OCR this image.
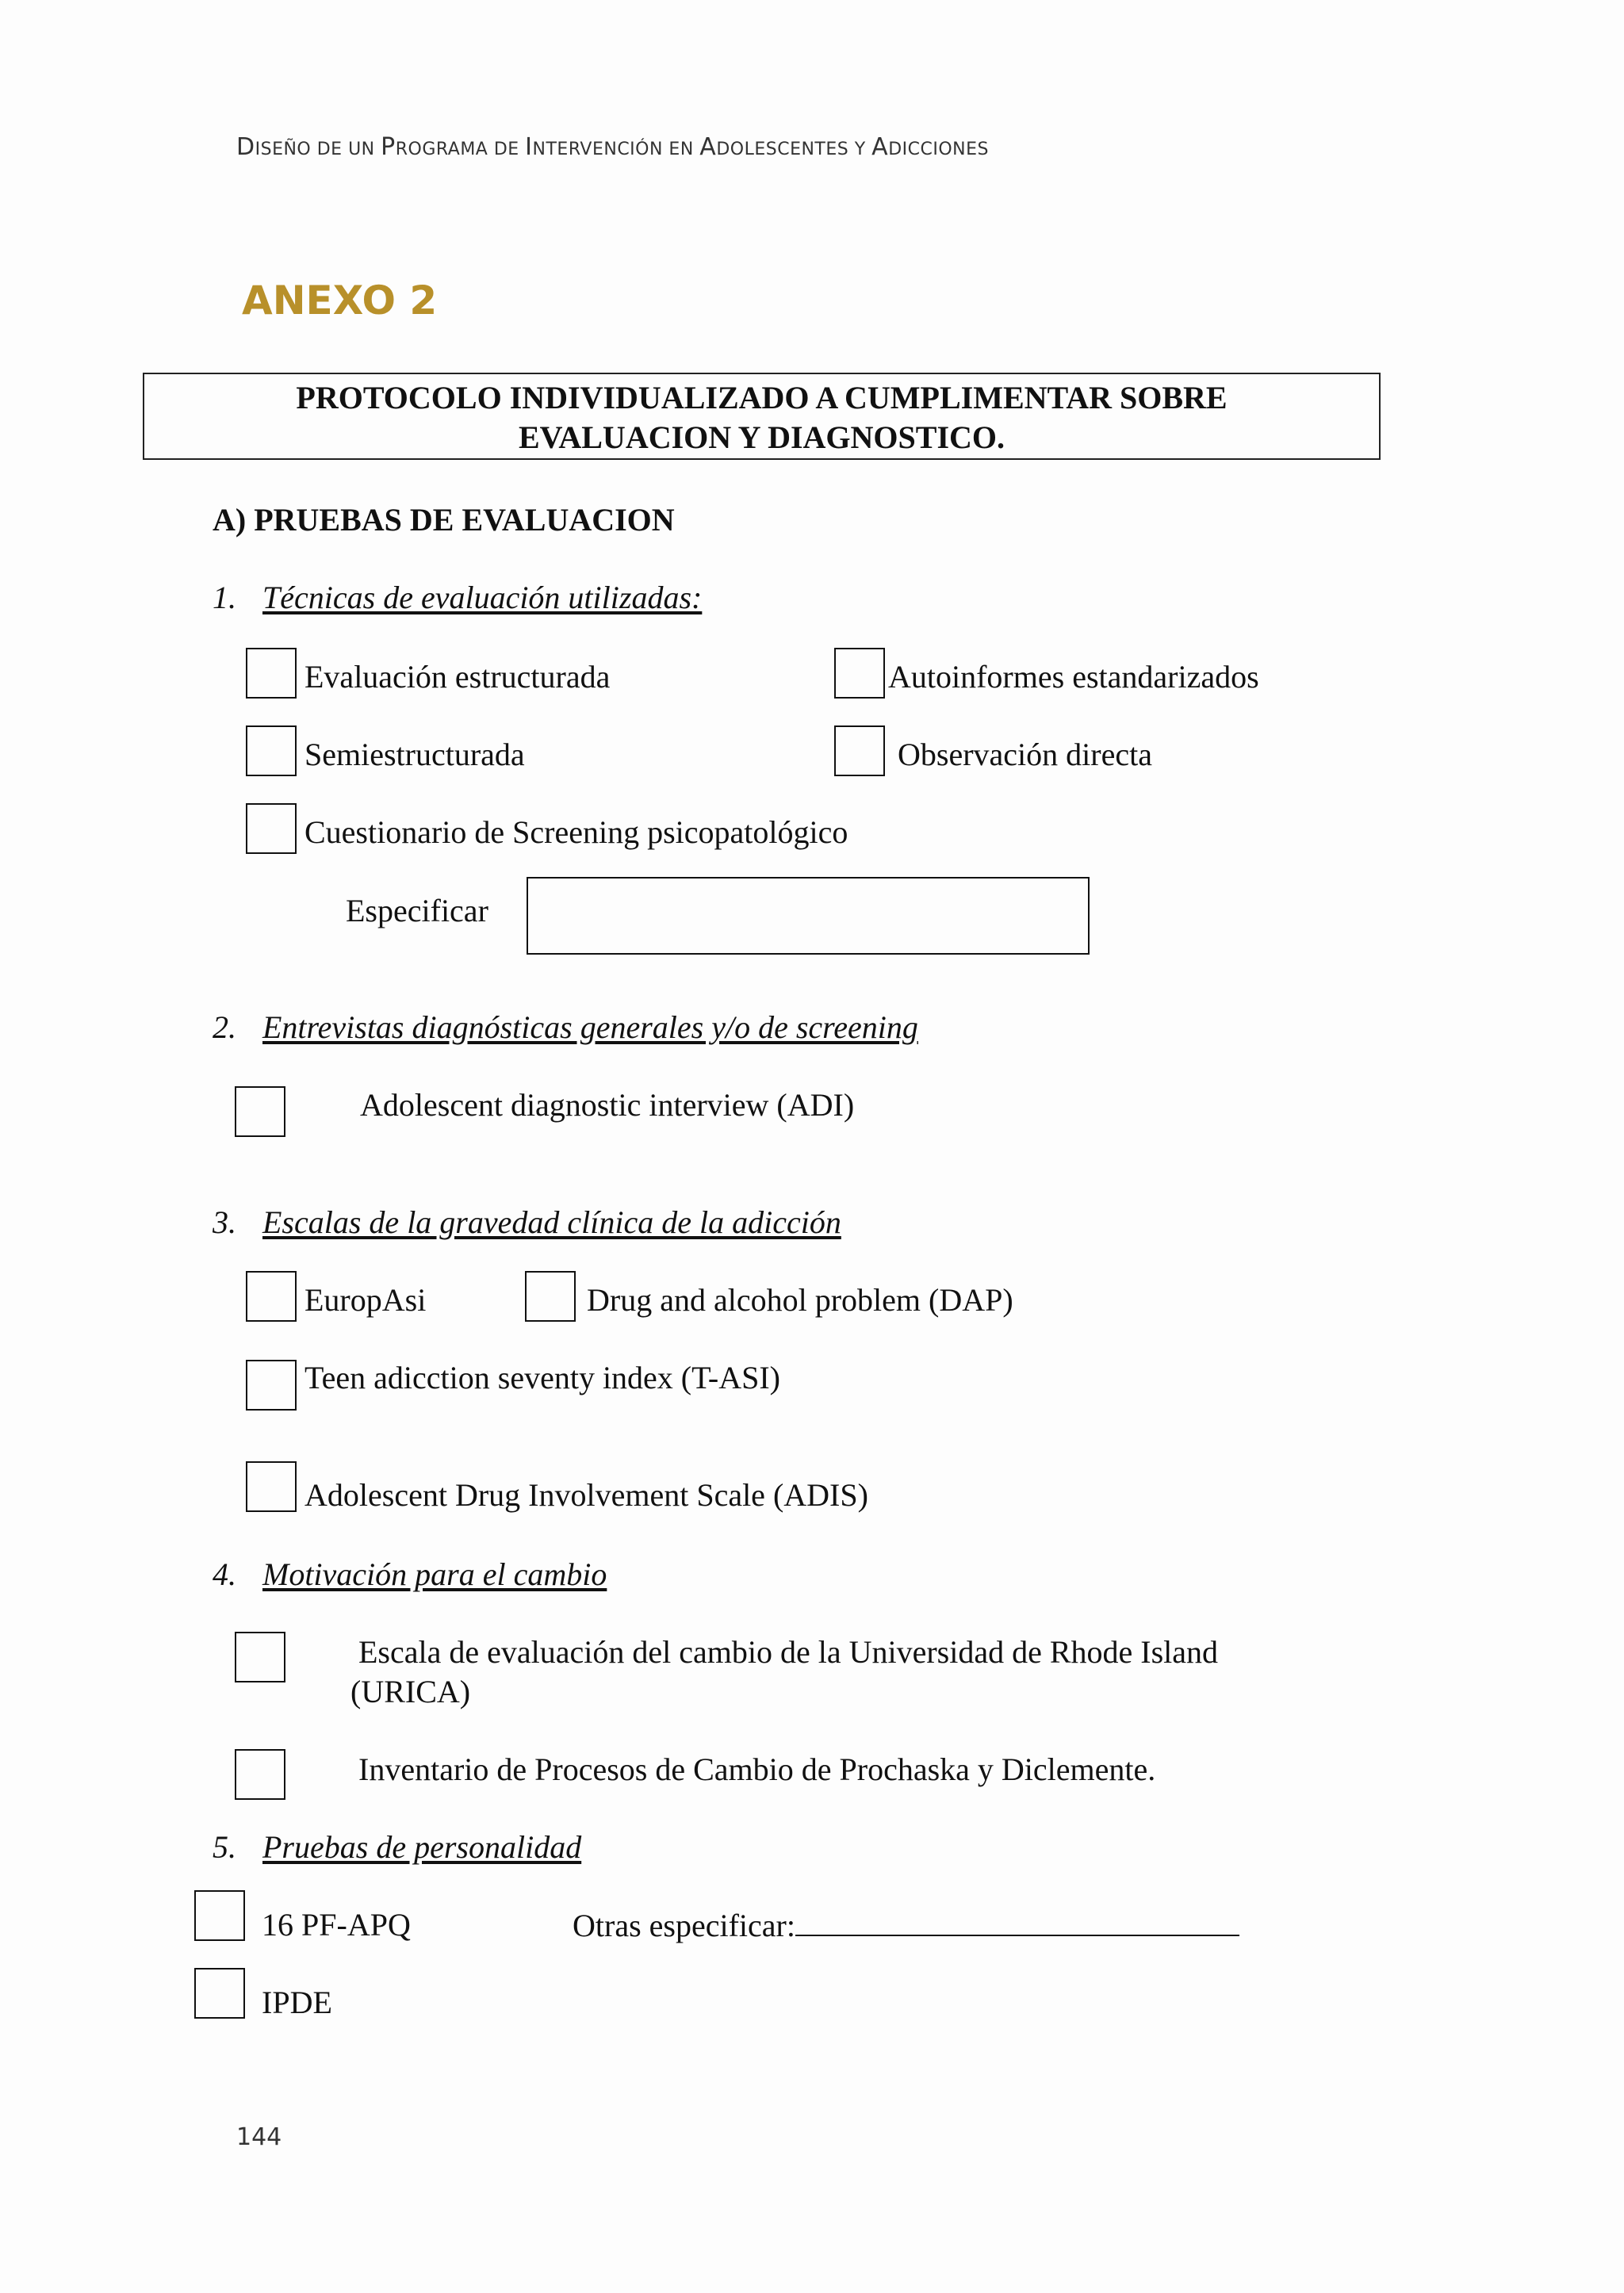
DISEÑO DE UN PROGRAMA DE INTERVENCIÓN EN ADOLESCENTES Y ADICCIONES
ANEXO 2
PROTOCOLO INDIVIDUALIZADO A CUMPLIMENTAR SOBRE
EVALUACION Y DIAGNOSTICO.
A) PRUEBAS DE EVALUACION
1. Técnicas de evaluación utilizadas:
Evaluación estructurada	Autoinformes estandarizados
Semiestructurada	Observación directa
Cuestionario de Screening psicopatológico
Especificar
2. Entrevistas diagnósticas generales y/o de screening
Adolescent diagnostic interview (ADI)
3. Escalas de la gravedad clínica de la adicción
EuropAsi	Drug and alcohol problem (DAP)
Teen adicction seventy index (T-ASI)
Adolescent Drug Involvement Scale (ADIS)
4. Motivación para el cambio
Escala de evaluación del cambio de la Universidad de Rhode Island
(URICA)
Inventario de Procesos de Cambio de Prochaska y Diclemente.
5. Pruebas de personalidad
16 PF-APQ	Otras especificar:
IPDE
144
